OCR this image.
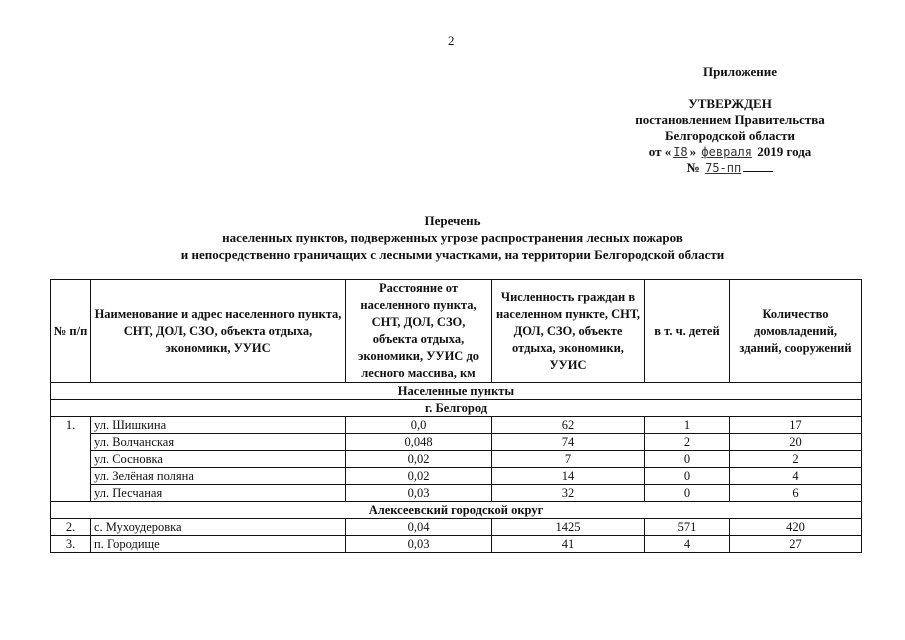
2
Приложение
УТВЕРЖДЕН
постановлением Правительства
Белгородской области
от « I8 » февраля 2019 года
№ 75-пп
Перечень
населенных пунктов, подверженных угрозе распространения лесных пожаров
и непосредственно граничащих с лесными участками, на территории Белгородской области
№ п/п	Наименование и адрес населенного пункта, СНТ, ДОЛ, СЗО, объекта отдыха, экономики, УУИС	Расстояние от населенного пункта, СНТ, ДОЛ, СЗО, объекта отдыха, экономики, УУИС до лесного массива, км	Численность граждан в населенном пункте, СНТ, ДОЛ, СЗО, объекте отдыха, экономики, УУИС	в т. ч. детей	Количество домовладений, зданий, сооружений
Населенные пункты					
г. Белгород					
1.	ул. Шишкина	0,0	62	1	17
	ул. Волчанская	0,048	74	2	20
	ул. Сосновка	0,02	7	0	2
	ул. Зелёная поляна	0,02	14	0	4
	ул. Песчаная	0,03	32	0	6
Алексеевский городской округ					
2.	с. Мухоудеровка	0,04	1425	571	420
3.	п. Городище	0,03	41	4	27
